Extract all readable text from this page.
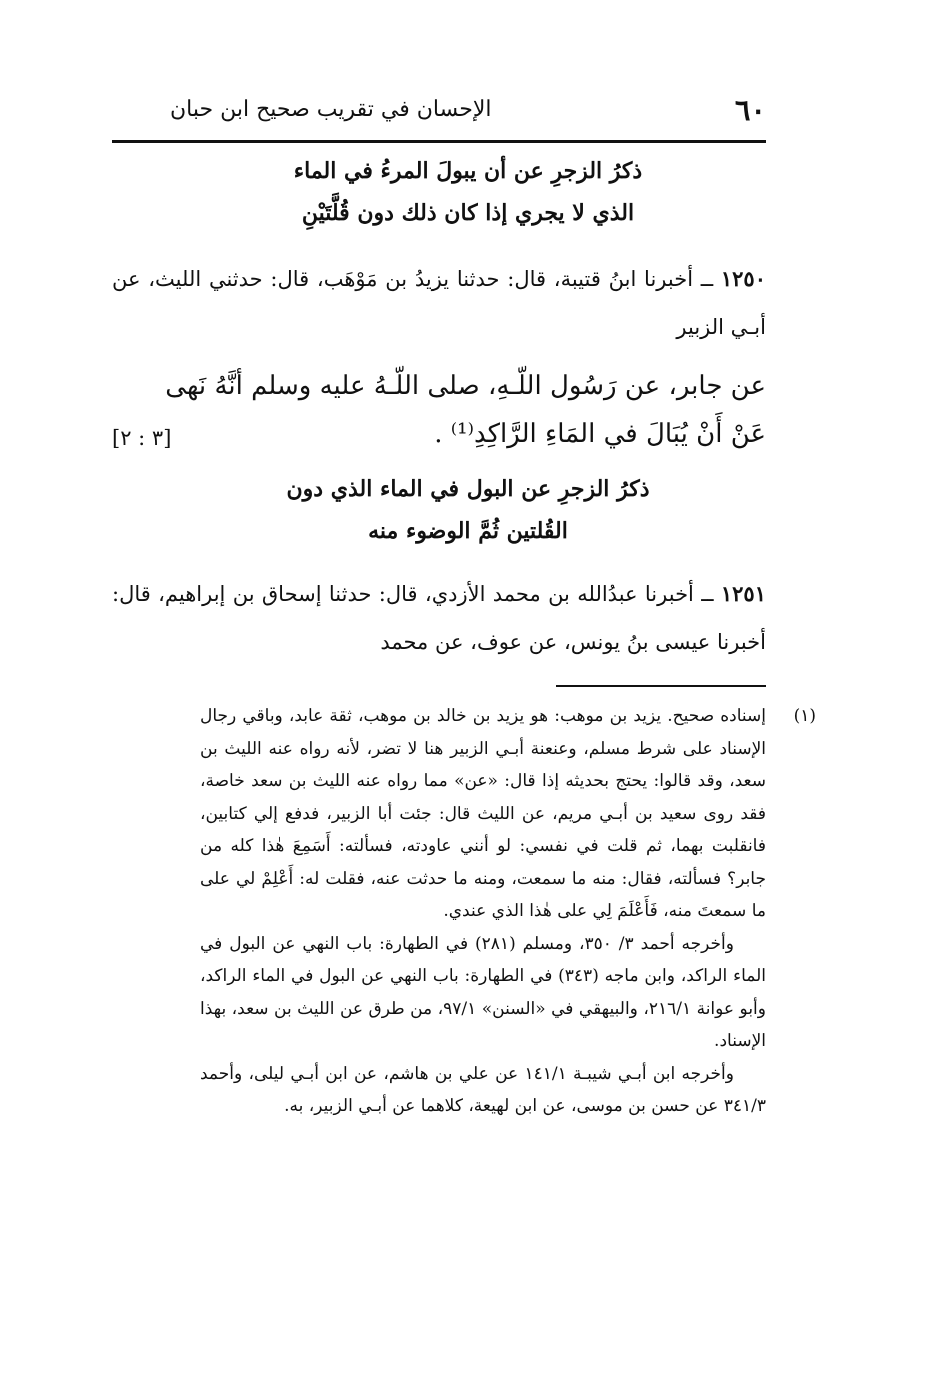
٦٠
الإحسان في تقريب صحيح ابن حبان
ذكرُ الزجرِ عن أن يبولَ المرءُ في الماء
الذي لا يجري إذا كان ذلك دون قُلَّتَيْنِ
١٢٥٠ ــ أخبرنا ابنُ قتيبة، قال: حدثنا يزيدُ بن مَوْهَب، قال: حدثني الليث، عن أبـي الزبير
عن جابر، عن رَسُول اللّـهِ، صلى اللّـهُ عليه وسلم أنَّهُ نَهى
عَنْ أَنْ يُبَالَ في المَاءِ الرَّاكِدِ⁽¹⁾ .
[٣ : ٢]
ذكرُ الزجرِ عن البول في الماء الذي دون
القُلتين ثُمَّ الوضوء منه
١٢٥١ ــ أخبرنا عبدُالله بن محمد الأزدي، قال: حدثنا إسحاق بن إبراهيم، قال: أخبرنا عيسى بنُ يونس، عن عوف، عن محمد
(١)

إسناده صحيح. يزيد بن موهب: هو يزيد بن خالد بن موهب، ثقة عابد، وباقي رجال الإسناد على شرط مسلم، وعنعنة أبـي الزبير هنا لا تضر، لأنه رواه عنه الليث بن سعد، وقد قالوا: يحتج بحديثه إذا قال: «عن» مما رواه عنه الليث بن سعد خاصة، فقد روى سعيد بن أبـي مريم، عن الليث قال: جئت أبا الزبير، فدفع إلي كتابين، فانقلبت بهما، ثم قلت في نفسي: لو أنني عاودته، فسألته: أَسَمِعَ هٰذا كله من جابر؟ فسألته، فقال: منه ما سمعت، ومنه ما حدثت عنه، فقلت له: أَعْلِمْ لي على ما سمعتَ منه، فَأَعْلَمَ لِي على هٰذا الذي عندي.

وأخرجه أحمد ٣/ ٣٥٠، ومسلم (٢٨١) في الطهارة: باب النهي عن البول في الماء الراكد، وابن ماجه (٣٤٣) في الطهارة: باب النهي عن البول في الماء الراكد، وأبو عوانة ٢١٦/١، والبيهقي في «السنن» ٩٧/١، من طرق عن الليث بن سعد، بهذا الإسناد.

وأخرجه ابن أبـي شيبـة ١٤١/١ عن علي بن هاشم، عن ابن أبـي ليلى، وأحمد ٣٤١/٣ عن حسن بن موسى، عن ابن لهيعة، كلاهما عن أبـي الزبير، به.
